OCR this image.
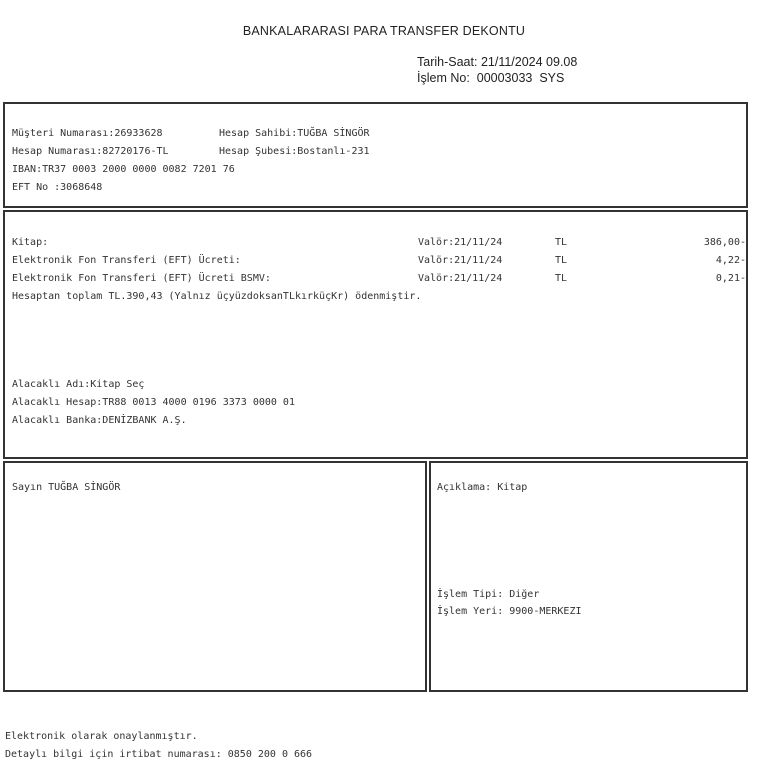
BANKALARARASI PARA TRANSFER DEKONTU
Tarih-Saat: 21/11/2024 09.08
İşlem No: 00003033 SYS
Müşteri Numarası:26933628	Hesap Sahibi:TUĞBA SİNGÖR
Hesap Numarası:82720176-TL	Hesap Şubesi:Bostanlı-231
IBAN:TR37 0003 2000 0000 0082 7201 76
EFT No :3068648
Kitap:	Valör:21/11/24	TL	386,00-
Elektronik Fon Transferi (EFT) Ücreti:	Valör:21/11/24	TL	4,22-
Elektronik Fon Transferi (EFT) Ücreti BSMV:	Valör:21/11/24	TL	0,21-
Hesaptan toplam TL.390,43 (Yalnız üçyüzdoksanTLkırküçKr) ödenmiştir.
Alacaklı Adı:Kitap Seç
Alacaklı Hesap:TR88 0013 4000 0196 3373 0000 01
Alacaklı Banka:DENİZBANK A.Ş.
Sayın TUĞBA SİNGÖR	Açıklama: Kitap
İşlem Tipi: Diğer
İşlem Yeri: 9900-MERKEZI
Elektronik olarak onaylanmıştır.
Detaylı bilgi için irtibat numarası: 0850 200 0 666
